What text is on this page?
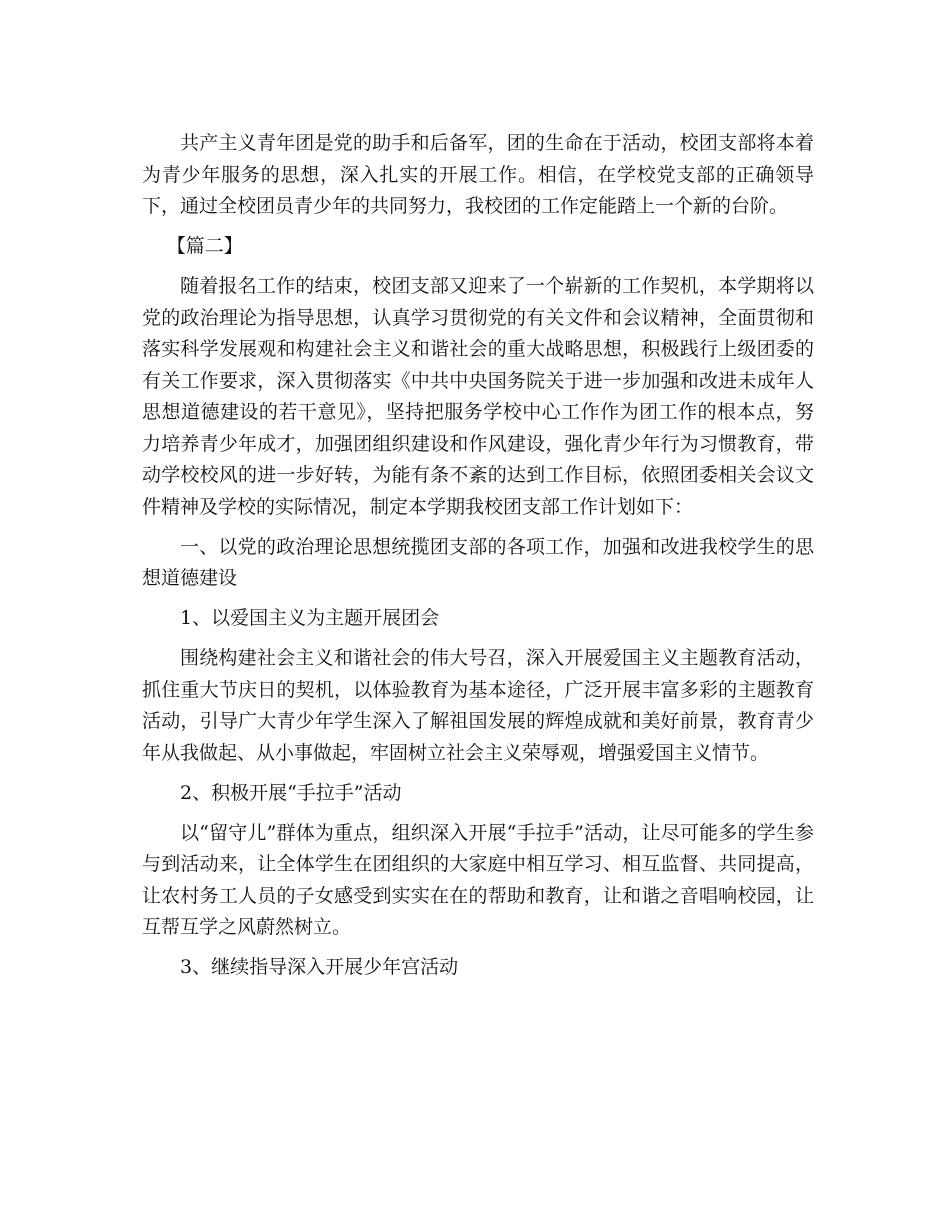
共产主义青年团是党的助手和后备军，团的生命在于活动，校团支部将本着为青少年服务的思想，深入扎实的开展工作。相信，在学校党支部的正确领导下，通过全校团员青少年的共同努力，我校团的工作定能踏上一个新的台阶。

【篇二】

随着报名工作的结束，校团支部又迎来了一个崭新的工作契机，本学期将以党的政治理论为指导思想，认真学习贯彻党的有关文件和会议精神，全面贯彻和落实科学发展观和构建社会主义和谐社会的重大战略思想，积极践行上级团委的有关工作要求，深入贯彻落实《中共中央国务院关于进一步加强和改进未成年人思想道德建设的若干意见》，坚持把服务学校中心工作作为团工作的根本点，努力培养青少年成才，加强团组织建设和作风建设，强化青少年行为习惯教育，带动学校校风的进一步好转，为能有条不紊的达到工作目标，依照团委相关会议文件精神及学校的实际情况，制定本学期我校团支部工作计划如下：

一、以党的政治理论思想统揽团支部的各项工作，加强和改进我校学生的思想道德建设

1、以爱国主义为主题开展团会

围绕构建社会主义和谐社会的伟大号召，深入开展爱国主义主题教育活动，抓住重大节庆日的契机，以体验教育为基本途径，广泛开展丰富多彩的主题教育活动，引导广大青少年学生深入了解祖国发展的辉煌成就和美好前景，教育青少年从我做起、从小事做起，牢固树立社会主义荣辱观，增强爱国主义情节。

2、积极开展“手拉手”活动

以“留守儿”群体为重点，组织深入开展“手拉手”活动，让尽可能多的学生参与到活动来，让全体学生在团组织的大家庭中相互学习、相互监督、共同提高，让农村务工人员的子女感受到实实在在的帮助和教育，让和谐之音唱响校园，让互帮互学之风蔚然树立。

3、继续指导深入开展少年宫活动
